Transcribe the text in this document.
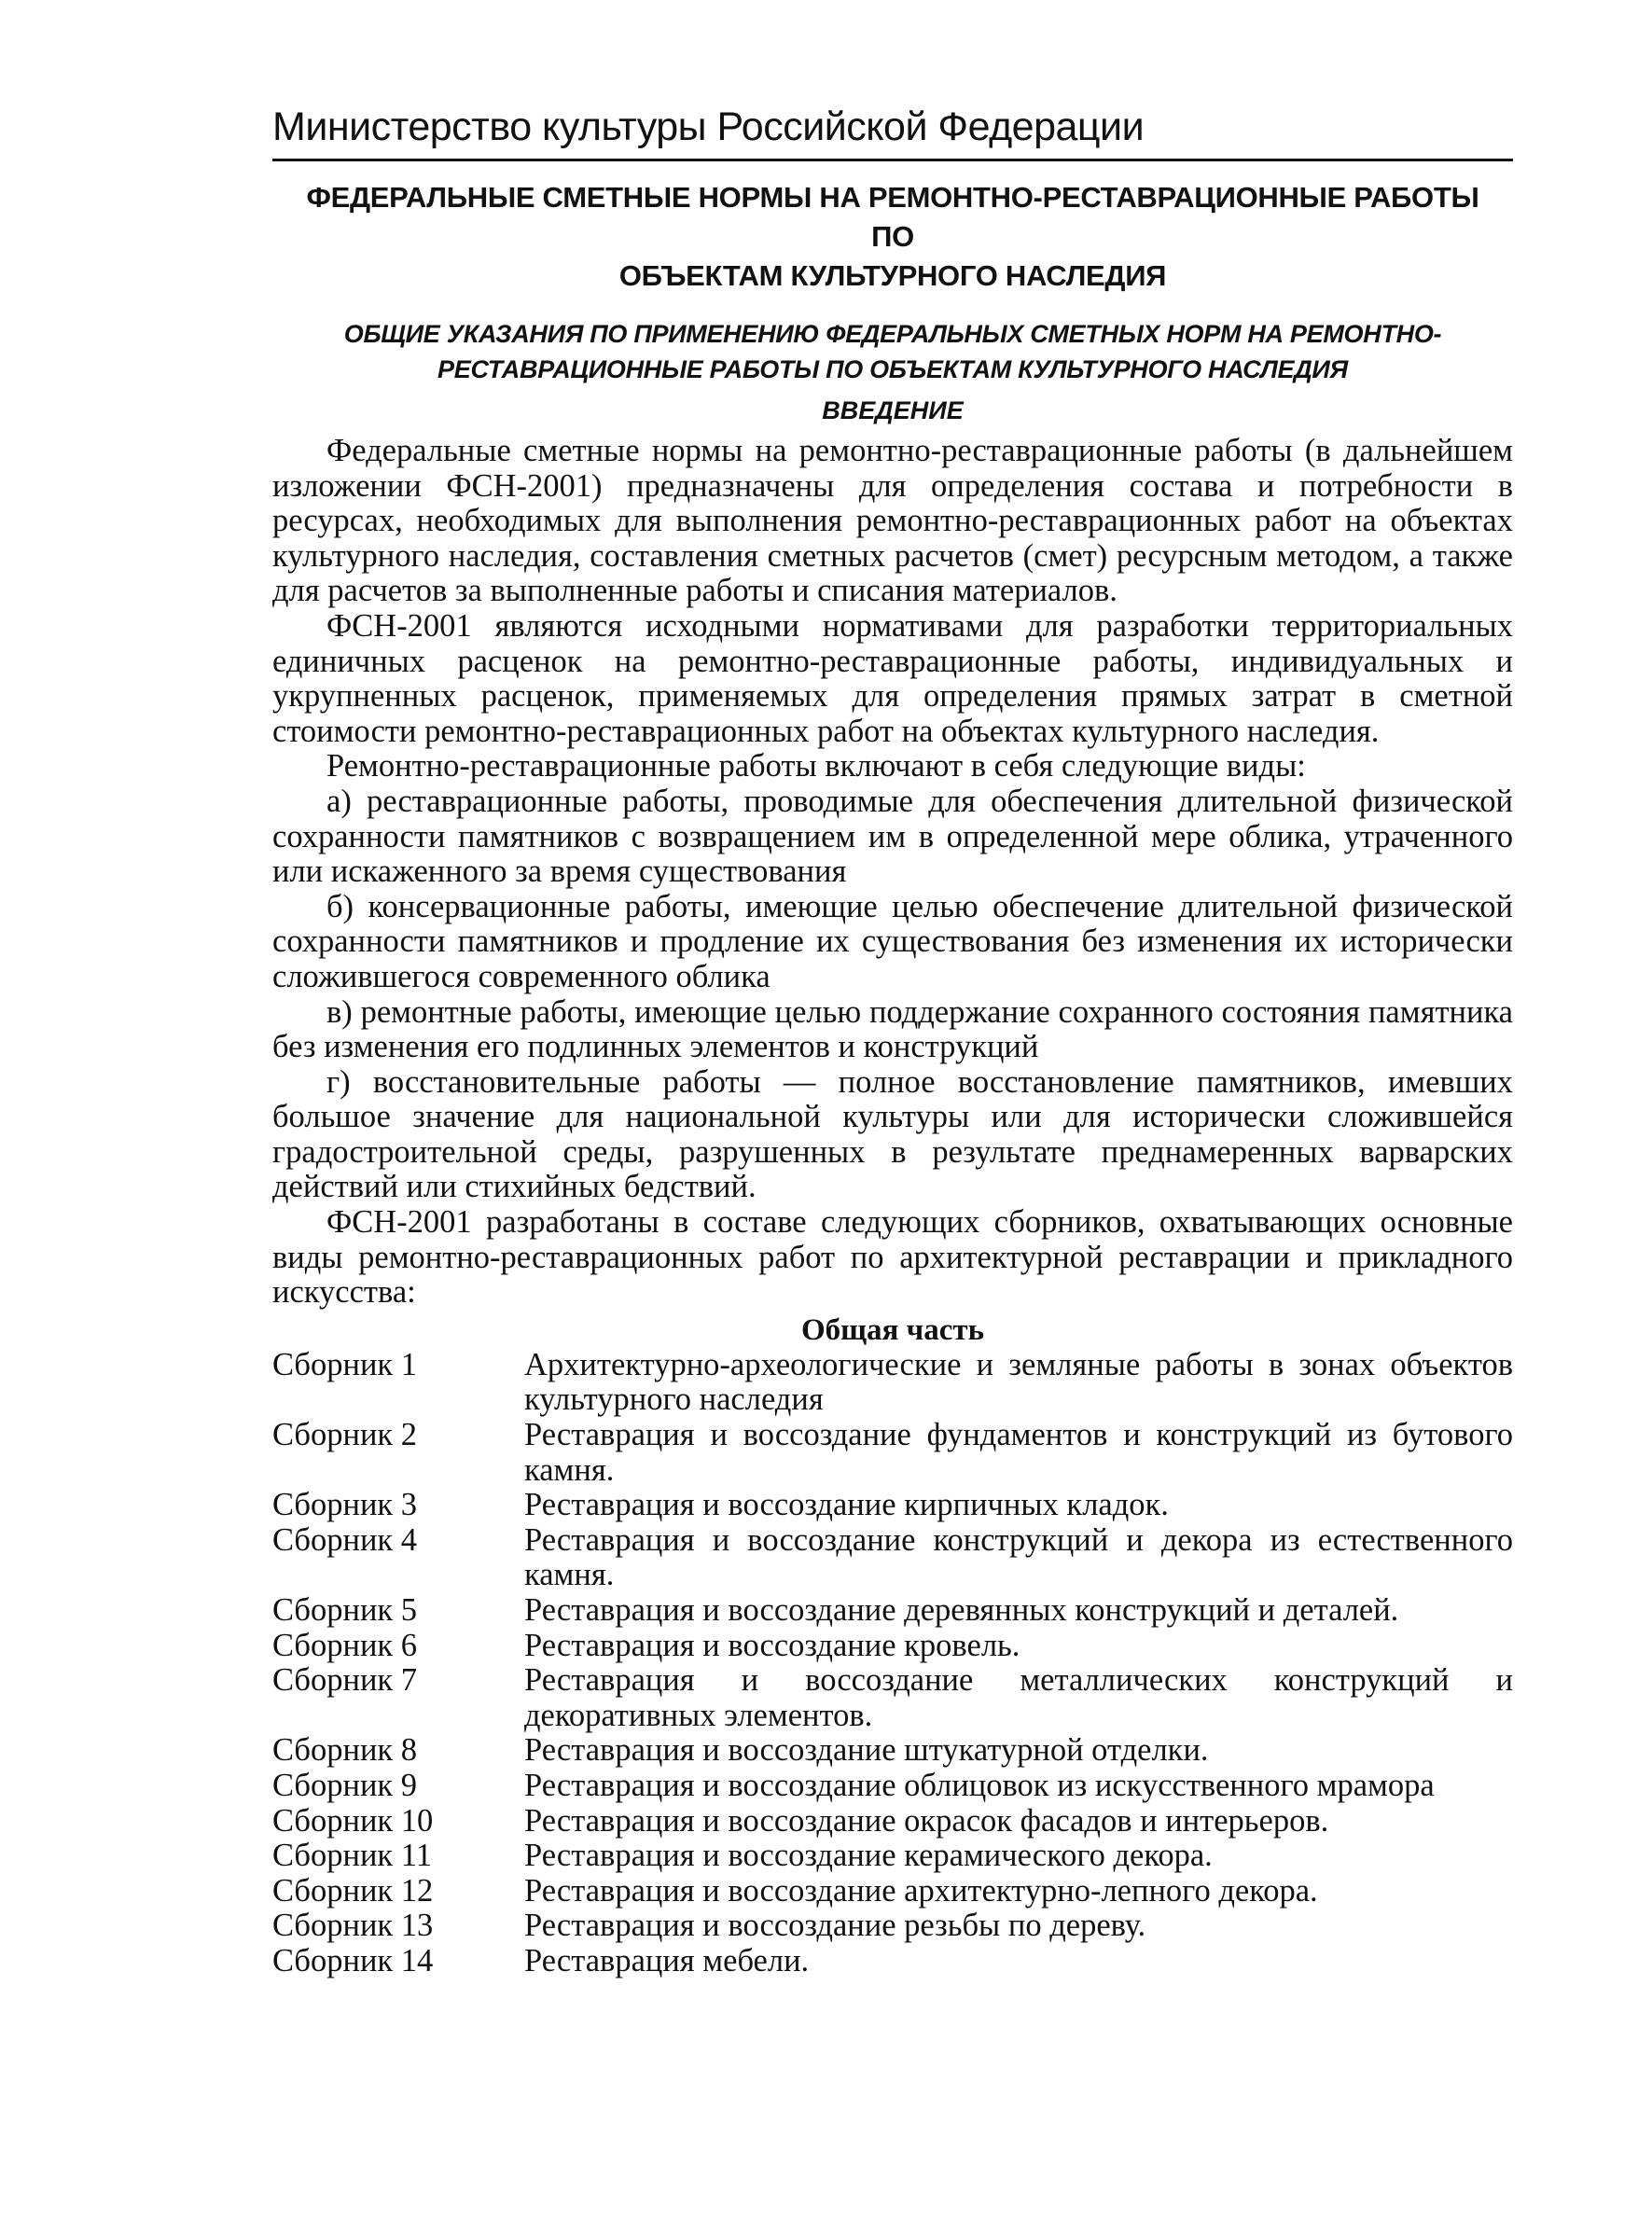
Министерство культуры Российской Федерации
ФЕДЕРАЛЬНЫЕ СМЕТНЫЕ НОРМЫ НА РЕМОНТНО-РЕСТАВРАЦИОННЫЕ РАБОТЫ ПО
ОБЪЕКТАМ КУЛЬТУРНОГО НАСЛЕДИЯ
ОБЩИЕ УКАЗАНИЯ ПО ПРИМЕНЕНИЮ ФЕДЕРАЛЬНЫХ СМЕТНЫХ НОРМ НА РЕМОНТНО-
РЕСТАВРАЦИОННЫЕ РАБОТЫ ПО ОБЪЕКТАМ КУЛЬТУРНОГО НАСЛЕДИЯ
ВВЕДЕНИЕ

Федеральные сметные нормы на ремонтно-реставрационные работы (в дальнейшем изложении ФСН-2001) предназначены для определения состава и потребности в ресурсах, необходимых для выполнения ремонтно-реставрационных работ на объектах культурного наследия, составления сметных расчетов (смет) ресурсным методом, а также для расчетов за выполненные работы и списания материалов.

ФСН-2001 являются исходными нормативами для разработки территориальных единичных расценок на ремонтно-реставрационные работы, индивидуальных и укрупненных расценок, применяемых для определения прямых затрат в сметной стоимости ремонтно-реставрационных работ на объектах культурного наследия.

Ремонтно-реставрационные работы включают в себя следующие виды:

а) реставрационные работы, проводимые для обеспечения длительной физической сохранности памятников с возвращением им в определенной мере облика, утраченного или искаженного за время существования

б) консервационные работы, имеющие целью обеспечение длительной физической сохранности памятников и продление их существования без изменения их исторически сложившегося современного облика

в) ремонтные работы, имеющие целью поддержание сохранного состояния памятника без изменения его подлинных элементов и конструкций

г) восстановительные работы — полное восстановление памятников, имевших большое значение для национальной культуры или для исторически сложившейся градостроительной среды, разрушенных в результате преднамеренных варварских действий или стихийных бедствий.

ФСН-2001 разработаны в составе следующих сборников, охватывающих основные виды ремонтно-реставрационных работ по архитектурной реставрации и прикладного искусства:

Общая часть
Сборник 1	Архитектурно-археологические и земляные работы в зонах объектов культурного наследия
Сборник 2	Реставрация и воссоздание фундаментов и конструкций из бутового камня.
Сборник 3	Реставрация и воссоздание кирпичных кладок.
Сборник 4	Реставрация и воссоздание конструкций и декора из естественного камня.
Сборник 5	Реставрация и воссоздание деревянных конструкций и деталей.
Сборник 6	Реставрация и воссоздание кровель.
Сборник 7	Реставрация и воссоздание металлических конструкций и декоративных элементов.
Сборник 8	Реставрация и воссоздание штукатурной отделки.
Сборник 9	Реставрация и воссоздание облицовок из искусственного мрамора
Сборник 10	Реставрация и воссоздание окрасок фасадов и интерьеров.
Сборник 11	Реставрация и воссоздание керамического декора.
Сборник 12	Реставрация и воссоздание архитектурно-лепного декора.
Сборник 13	Реставрация и воссоздание резьбы по дереву.
Сборник 14	Реставрация мебели.
